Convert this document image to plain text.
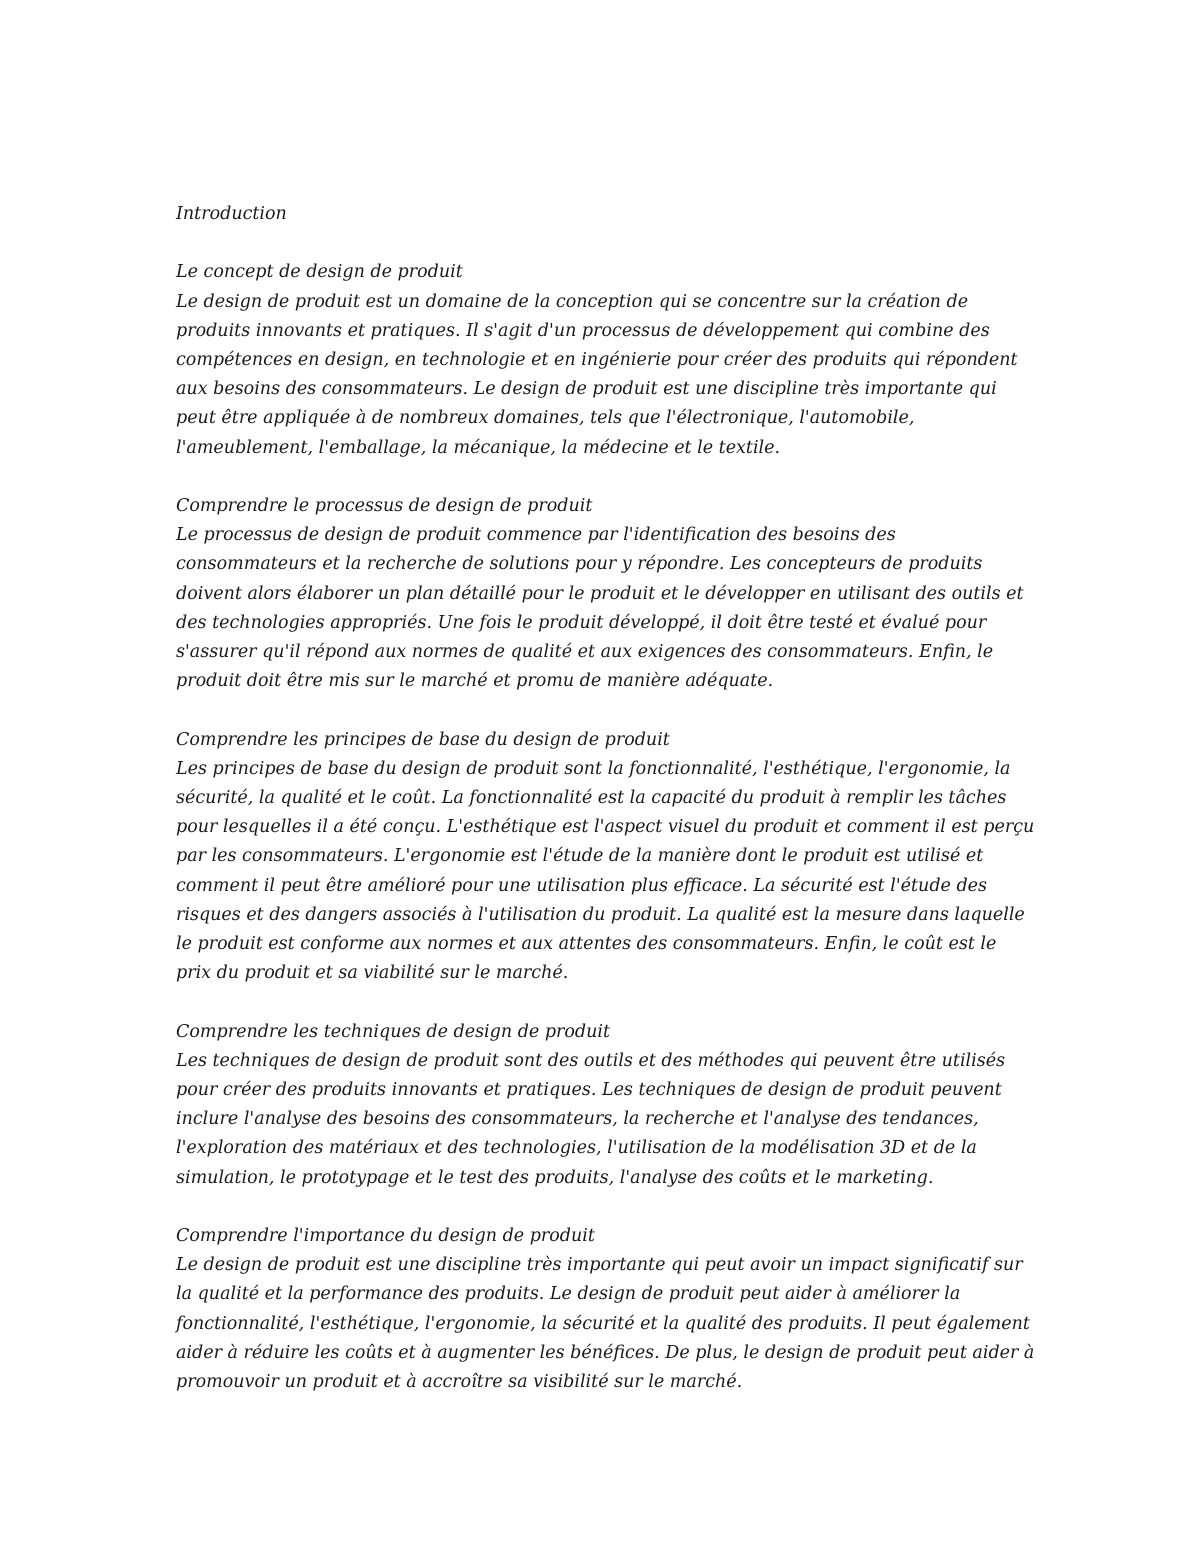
Introduction

Le concept de design de produit

Le design de produit est un domaine de la conception qui se concentre sur la création de produits innovants et pratiques. Il s'agit d'un processus de développement qui combine des compétences en design, en technologie et en ingénierie pour créer des produits qui répondent aux besoins des consommateurs. Le design de produit est une discipline très importante qui peut être appliquée à de nombreux domaines, tels que l'électronique, l'automobile, l'ameublement, l'emballage, la mécanique, la médecine et le textile.

Comprendre le processus de design de produit

Le processus de design de produit commence par l'identification des besoins des consommateurs et la recherche de solutions pour y répondre. Les concepteurs de produits doivent alors élaborer un plan détaillé pour le produit et le développer en utilisant des outils et des technologies appropriés. Une fois le produit développé, il doit être testé et évalué pour s'assurer qu'il répond aux normes de qualité et aux exigences des consommateurs. Enfin, le produit doit être mis sur le marché et promu de manière adéquate.

Comprendre les principes de base du design de produit

Les principes de base du design de produit sont la fonctionnalité, l'esthétique, l'ergonomie, la sécurité, la qualité et le coût. La fonctionnalité est la capacité du produit à remplir les tâches pour lesquelles il a été conçu. L'esthétique est l'aspect visuel du produit et comment il est perçu par les consommateurs. L'ergonomie est l'étude de la manière dont le produit est utilisé et comment il peut être amélioré pour une utilisation plus efficace. La sécurité est l'étude des risques et des dangers associés à l'utilisation du produit. La qualité est la mesure dans laquelle le produit est conforme aux normes et aux attentes des consommateurs. Enfin, le coût est le prix du produit et sa viabilité sur le marché.

Comprendre les techniques de design de produit

Les techniques de design de produit sont des outils et des méthodes qui peuvent être utilisés pour créer des produits innovants et pratiques. Les techniques de design de produit peuvent inclure l'analyse des besoins des consommateurs, la recherche et l'analyse des tendances, l'exploration des matériaux et des technologies, l'utilisation de la modélisation 3D et de la simulation, le prototypage et le test des produits, l'analyse des coûts et le marketing.

Comprendre l'importance du design de produit

Le design de produit est une discipline très importante qui peut avoir un impact significatif sur la qualité et la performance des produits. Le design de produit peut aider à améliorer la fonctionnalité, l'esthétique, l'ergonomie, la sécurité et la qualité des produits. Il peut également aider à réduire les coûts et à augmenter les bénéfices. De plus, le design de produit peut aider à promouvoir un produit et à accroître sa visibilité sur le marché.
